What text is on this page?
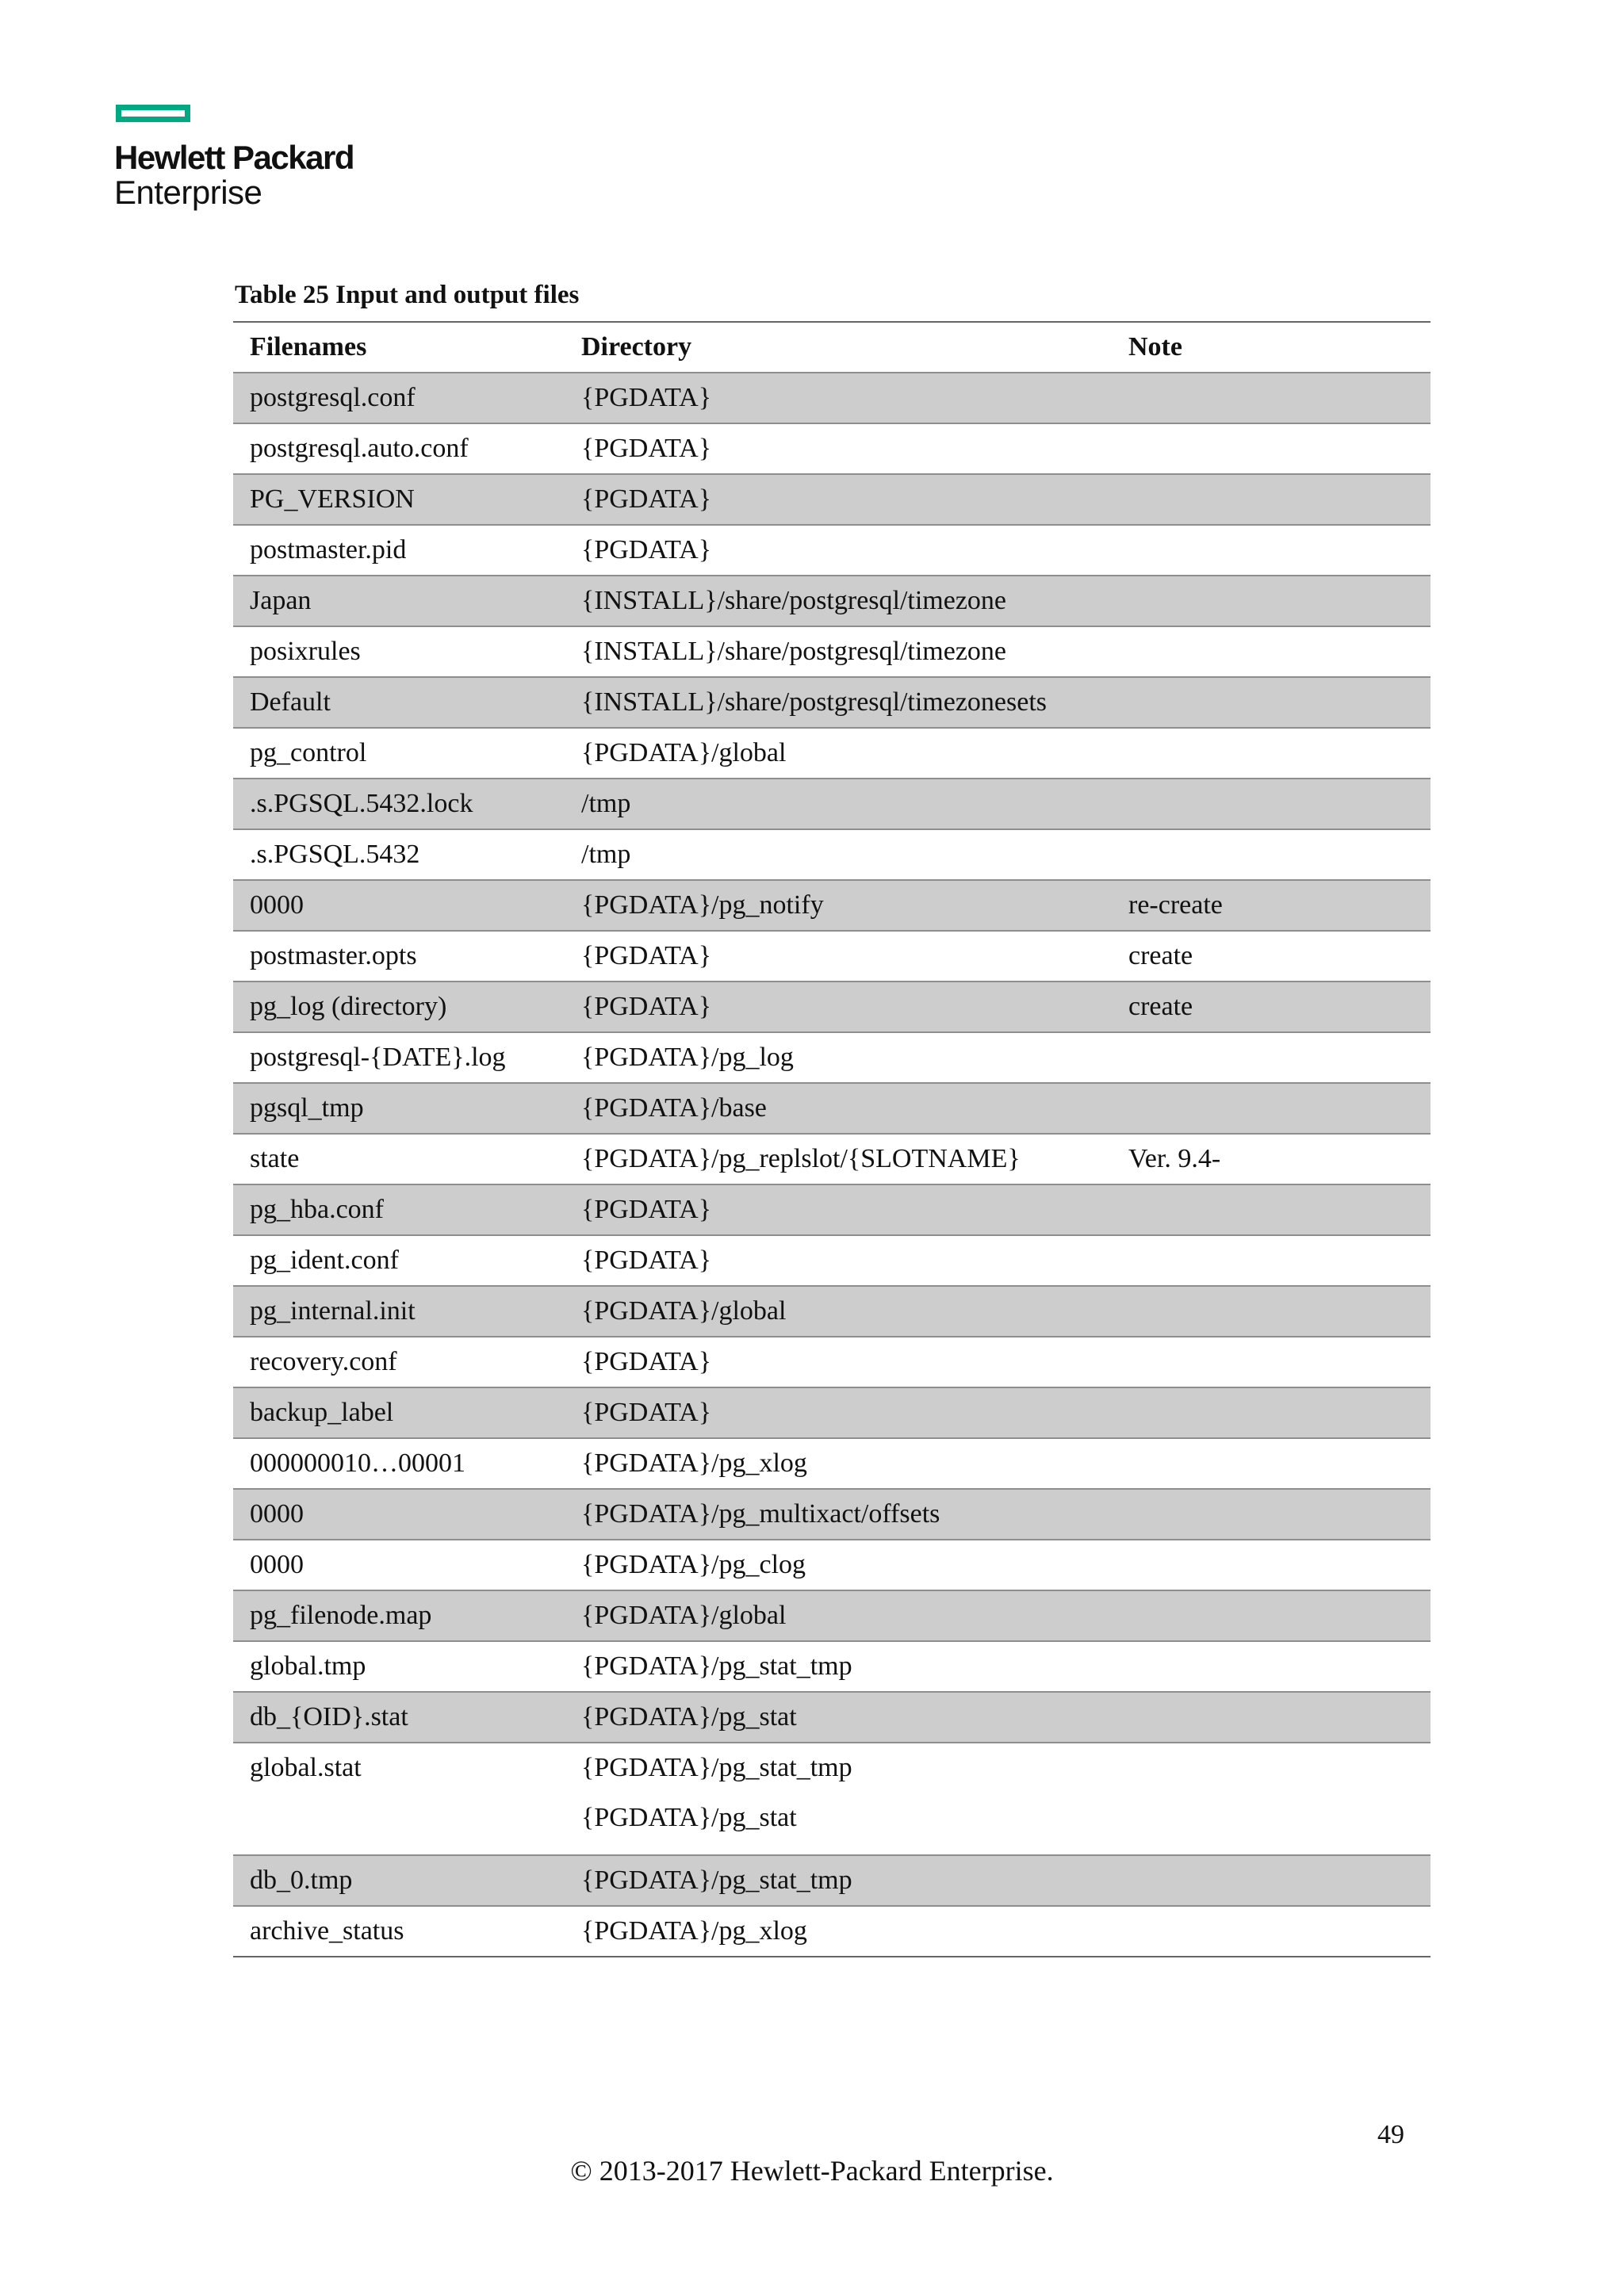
Hewlett Packard
Enterprise
Table 25 Input and output files
Filenames	Directory	Note
postgresql.conf	{PGDATA}	
postgresql.auto.conf	{PGDATA}	
PG_VERSION	{PGDATA}	
postmaster.pid	{PGDATA}	
Japan	{INSTALL}/share/postgresql/timezone	
posixrules	{INSTALL}/share/postgresql/timezone	
Default	{INSTALL}/share/postgresql/timezonesets	
pg_control	{PGDATA}/global	
.s.PGSQL.5432.lock	/tmp	
.s.PGSQL.5432	/tmp	
0000	{PGDATA}/pg_notify	re-create
postmaster.opts	{PGDATA}	create
pg_log (directory)	{PGDATA}	create
postgresql-{DATE}.log	{PGDATA}/pg_log	
pgsql_tmp	{PGDATA}/base	
state	{PGDATA}/pg_replslot/{SLOTNAME}	Ver. 9.4-
pg_hba.conf	{PGDATA}	
pg_ident.conf	{PGDATA}	
pg_internal.init	{PGDATA}/global	
recovery.conf	{PGDATA}	
backup_label	{PGDATA}	
000000010…00001	{PGDATA}/pg_xlog	
0000	{PGDATA}/pg_multixact/offsets	
0000	{PGDATA}/pg_clog	
pg_filenode.map	{PGDATA}/global	
global.tmp	{PGDATA}/pg_stat_tmp	
db_{OID}.stat	{PGDATA}/pg_stat	
global.stat	{PGDATA}/pg_stat_tmp
{PGDATA}/pg_stat	

db_0.tmp	{PGDATA}/pg_stat_tmp	
archive_status	{PGDATA}/pg_xlog	
49
© 2013-2017 Hewlett-Packard Enterprise.
